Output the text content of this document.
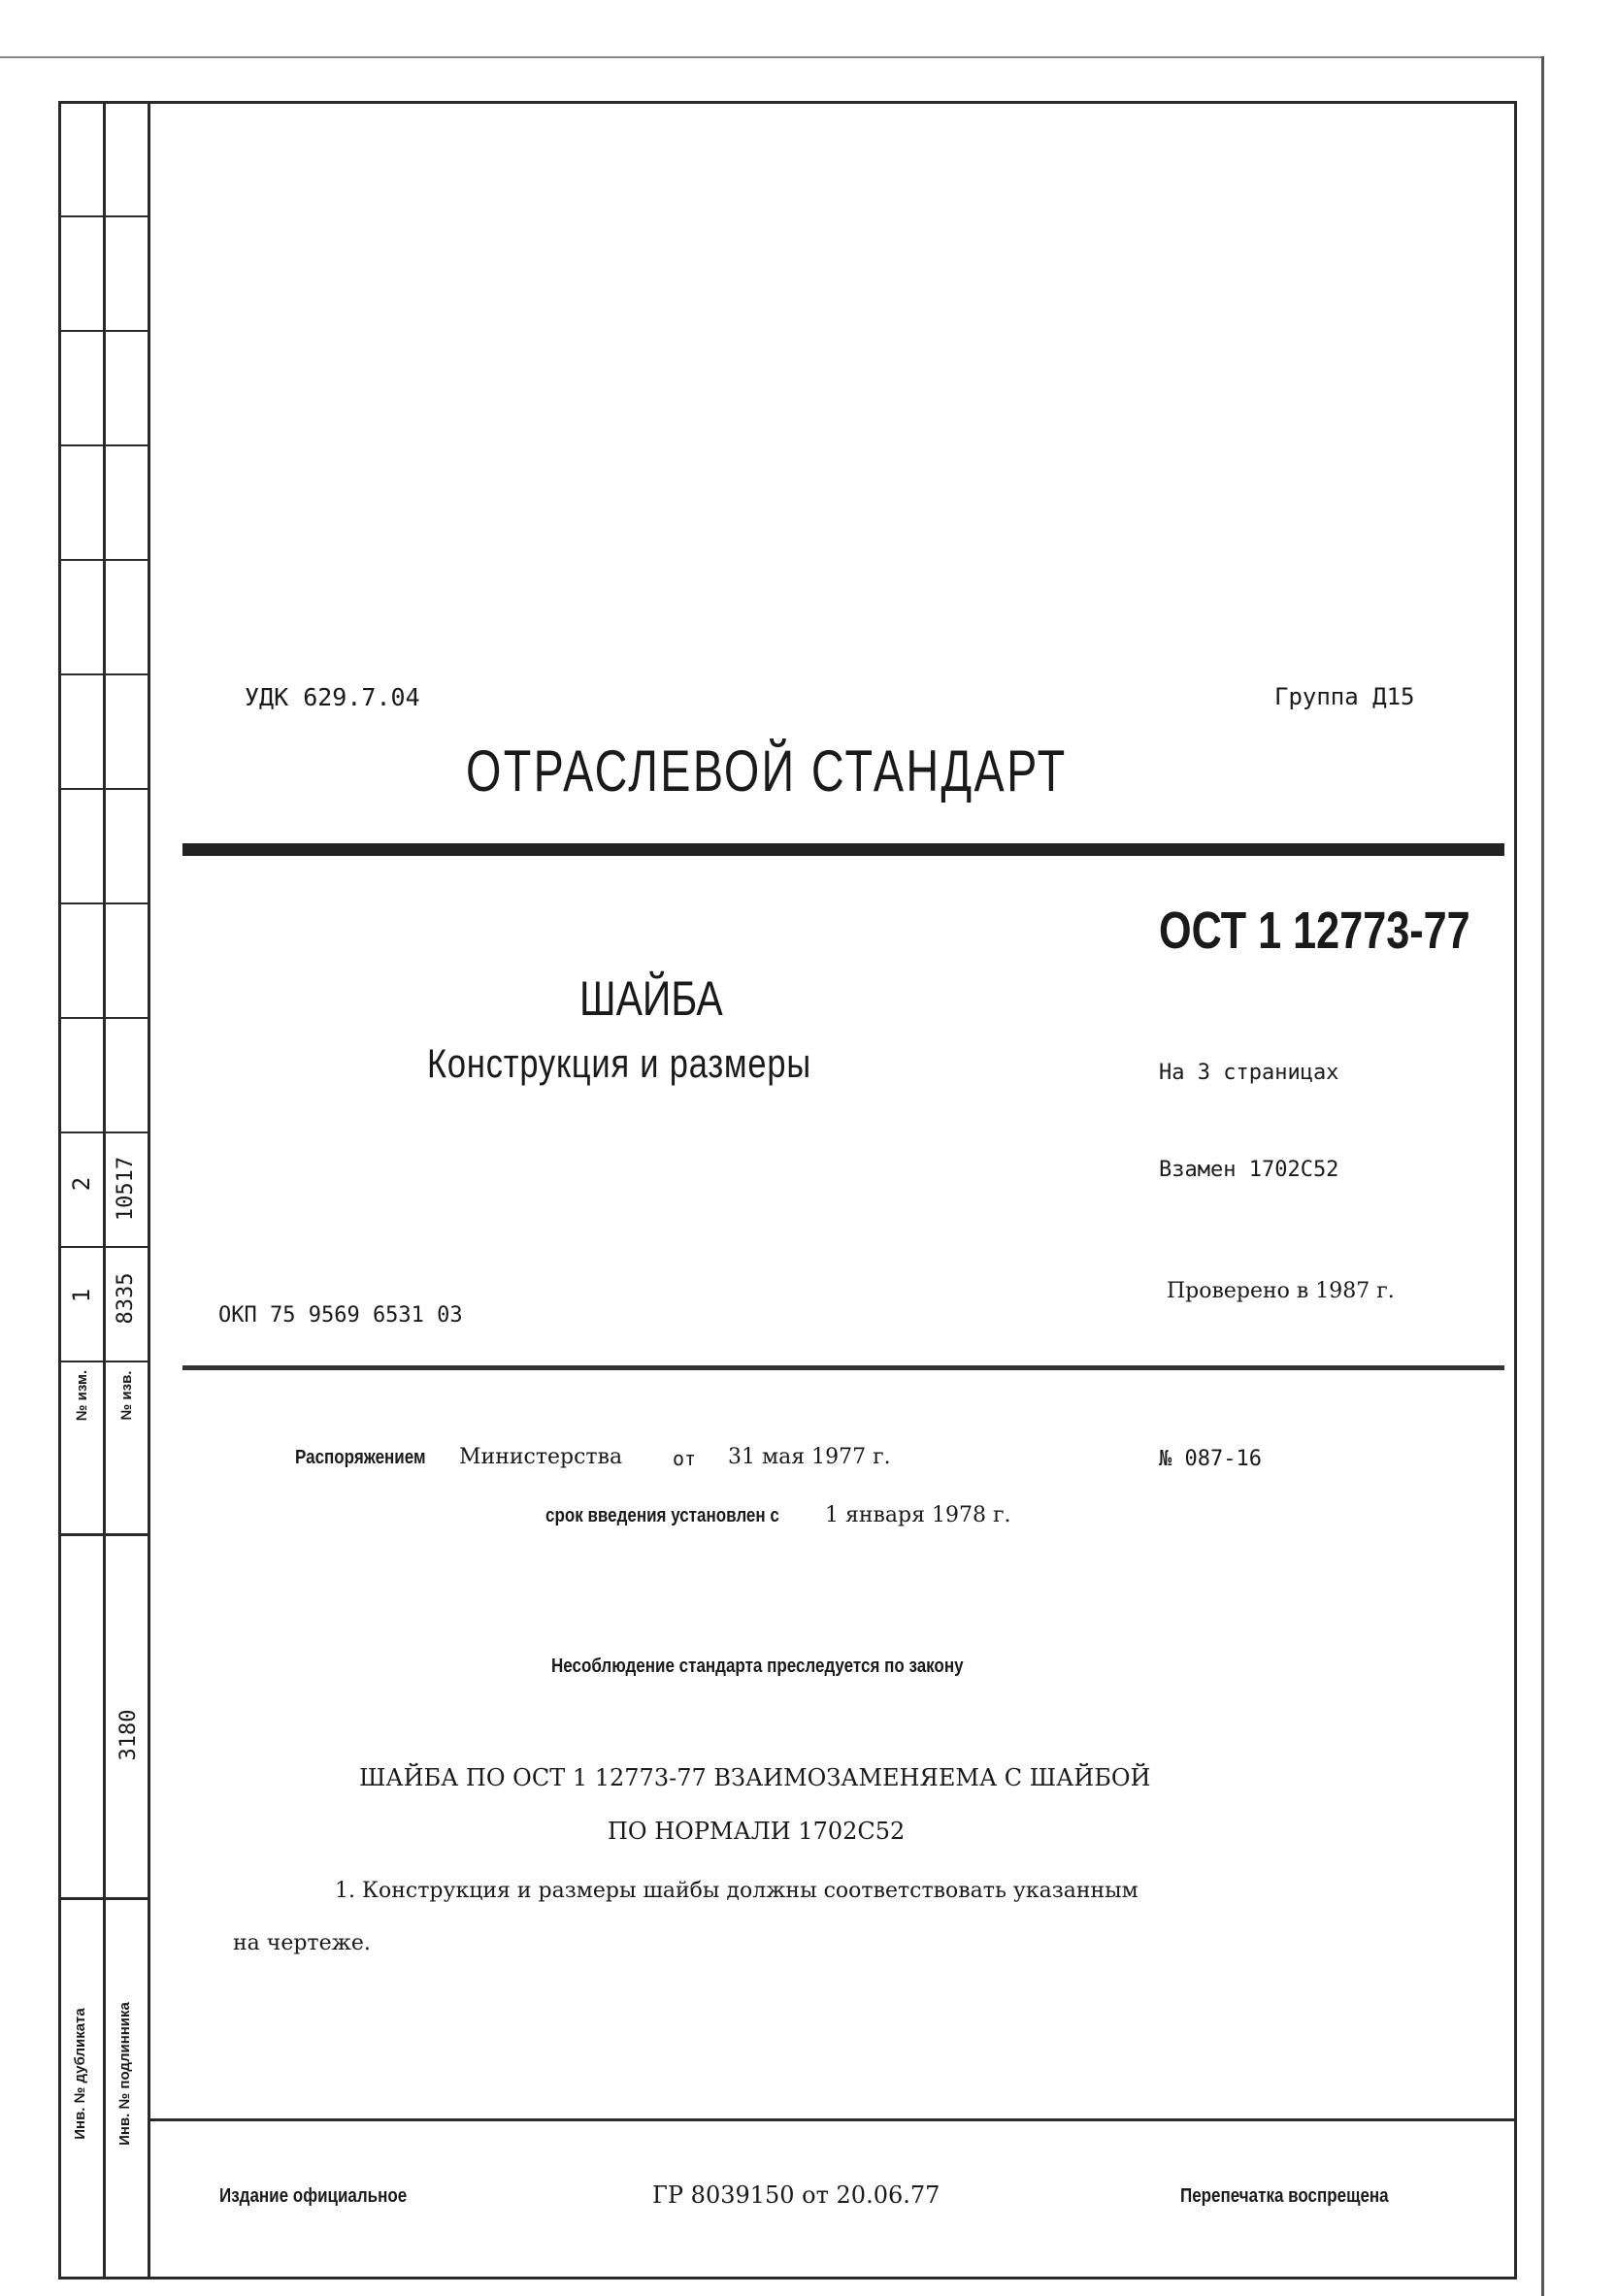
2 10517
1 8335
№ изм.	№ изв.
3180
Инв. № дубликата	Инв. № подлинника
УДК 629.7.04	Группа Д15
ОТРАСЛЕВОЙ СТАНДАРТ
ОСТ 1 12773-77
ШАЙБА
Конструкция и размеры	На 3 страницах
Взамен 1702С52
Проверено в 1987 г.
ОКП 75 9569 6531 03
Распоряжением Министерства	от 31 мая 1977 г.	№ 087-16
срок введения установлен с 1 января 1978 г.
Несоблюдение стандарта преследуется по закону
ШАЙБА ПО ОСТ 1 12773-77 ВЗАИМОЗАМЕНЯЕМА С ШАЙБОЙ
ПО НОРМАЛИ 1702С52
1. Конструкция и размеры шайбы должны соответствовать указанным
на чертеже.
Издание официальное	ГР 8039150 от 20.06.77	Перепечатка воспрещена
